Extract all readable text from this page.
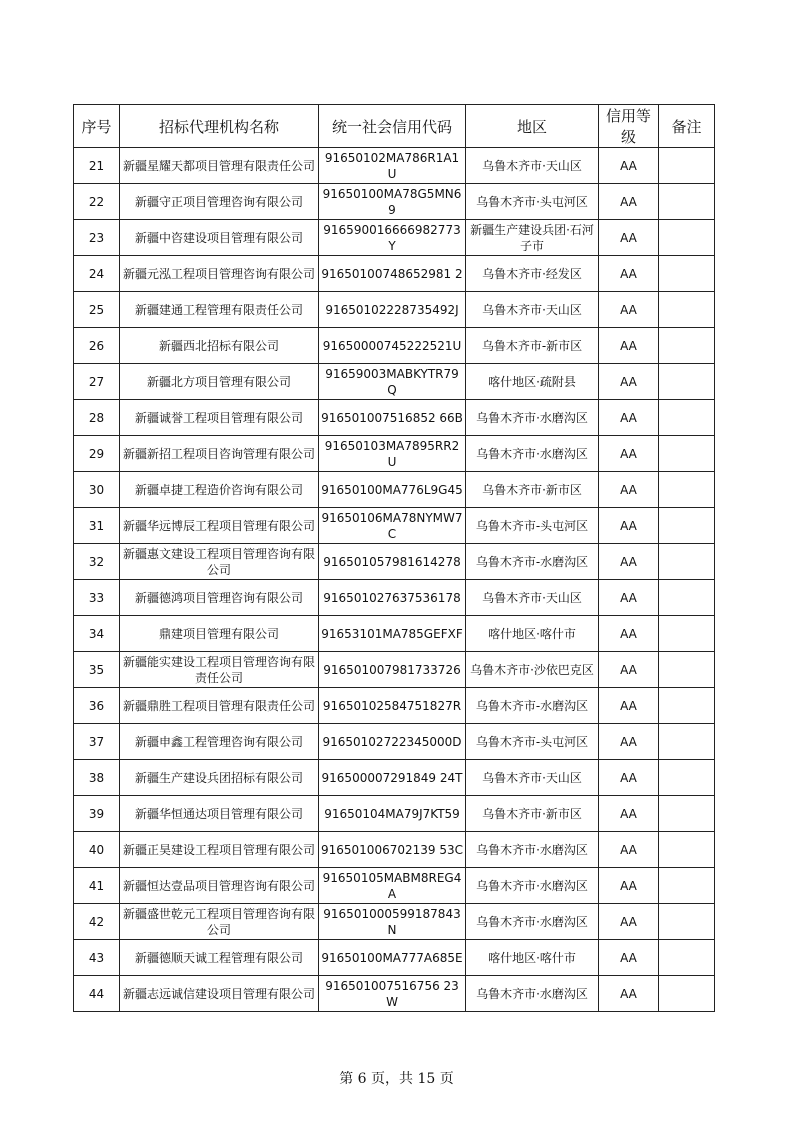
序号	招标代理机构名称	统一社会信用代码	地区	信用等级	备注
21	新疆星耀天都项目管理有限责任公司	91650102MA786R1A1U	乌鲁木齐市·天山区	AA	
22	新疆守正项目管理咨询有限公司	91650100MA78G5MN69	乌鲁木齐市·头屯河区	AA	
23	新疆中咨建设项目管理有限公司	916590016666982773Y	新疆生产建设兵团·石河子市	AA	
24	新疆元泓工程项目管理咨询有限公司	91650100748652981 2	乌鲁木齐市·经发区	AA	
25	新疆建通工程管理有限责任公司	91650102228735492J	乌鲁木齐市·天山区	AA	
26	新疆西北招标有限公司	91650000745222521U	乌鲁木齐市-新市区	AA	
27	新疆北方项目管理有限公司	91659003MABKYTR79Q	喀什地区·疏附县	AA	
28	新疆诚誉工程项目管理有限公司	916501007516852 66B	乌鲁木齐市·水磨沟区	AA	
29	新疆新招工程项目咨询管理有限公司	91650103MA7895RR2U	乌鲁木齐市·水磨沟区	AA	
30	新疆卓捷工程造价咨询有限公司	91650100MA776L9G45	乌鲁木齐市·新市区	AA	
31	新疆华远博辰工程项目管理有限公司	91650106MA78NYMW7C	乌鲁木齐市-头屯河区	AA	
32	新疆惠文建设工程项目管理咨询有限公司	916501057981614278	乌鲁木齐市-水磨沟区	AA	
33	新疆德鸿项目管理咨询有限公司	916501027637536178	乌鲁木齐市·天山区	AA	
34	鼎建项目管理有限公司	91653101MA785GEFXF	喀什地区·喀什市	AA	
35	新疆能实建设工程项目管理咨询有限责任公司	916501007981733726	乌鲁木齐市·沙依巴克区	AA	
36	新疆鼎胜工程项目管理有限责任公司	91650102584751827R	乌鲁木齐市-水磨沟区	AA	
37	新疆申鑫工程管理咨询有限公司	91650102722345000D	乌鲁木齐市-头屯河区	AA	
38	新疆生产建设兵团招标有限公司	916500007291849 24T	乌鲁木齐市·天山区	AA	
39	新疆华恒通达项目管理有限公司	91650104MA79J7KT59	乌鲁木齐市·新市区	AA	
40	新疆正昊建设工程项目管理有限公司	916501006702139 53C	乌鲁木齐市·水磨沟区	AA	
41	新疆恒达壹品项目管理咨询有限公司	91650105MABM8REG4A	乌鲁木齐市·水磨沟区	AA	
42	新疆盛世乾元工程项目管理咨询有限公司	916501000599187843N	乌鲁木齐市·水磨沟区	AA	
43	新疆德顺天诚工程管理有限公司	91650100MA777A685E	喀什地区·喀什市	AA	
44	新疆志远诚信建设项目管理有限公司	916501007516756 23W	乌鲁木齐市·水磨沟区	AA	
第 6 页，共 15 页
